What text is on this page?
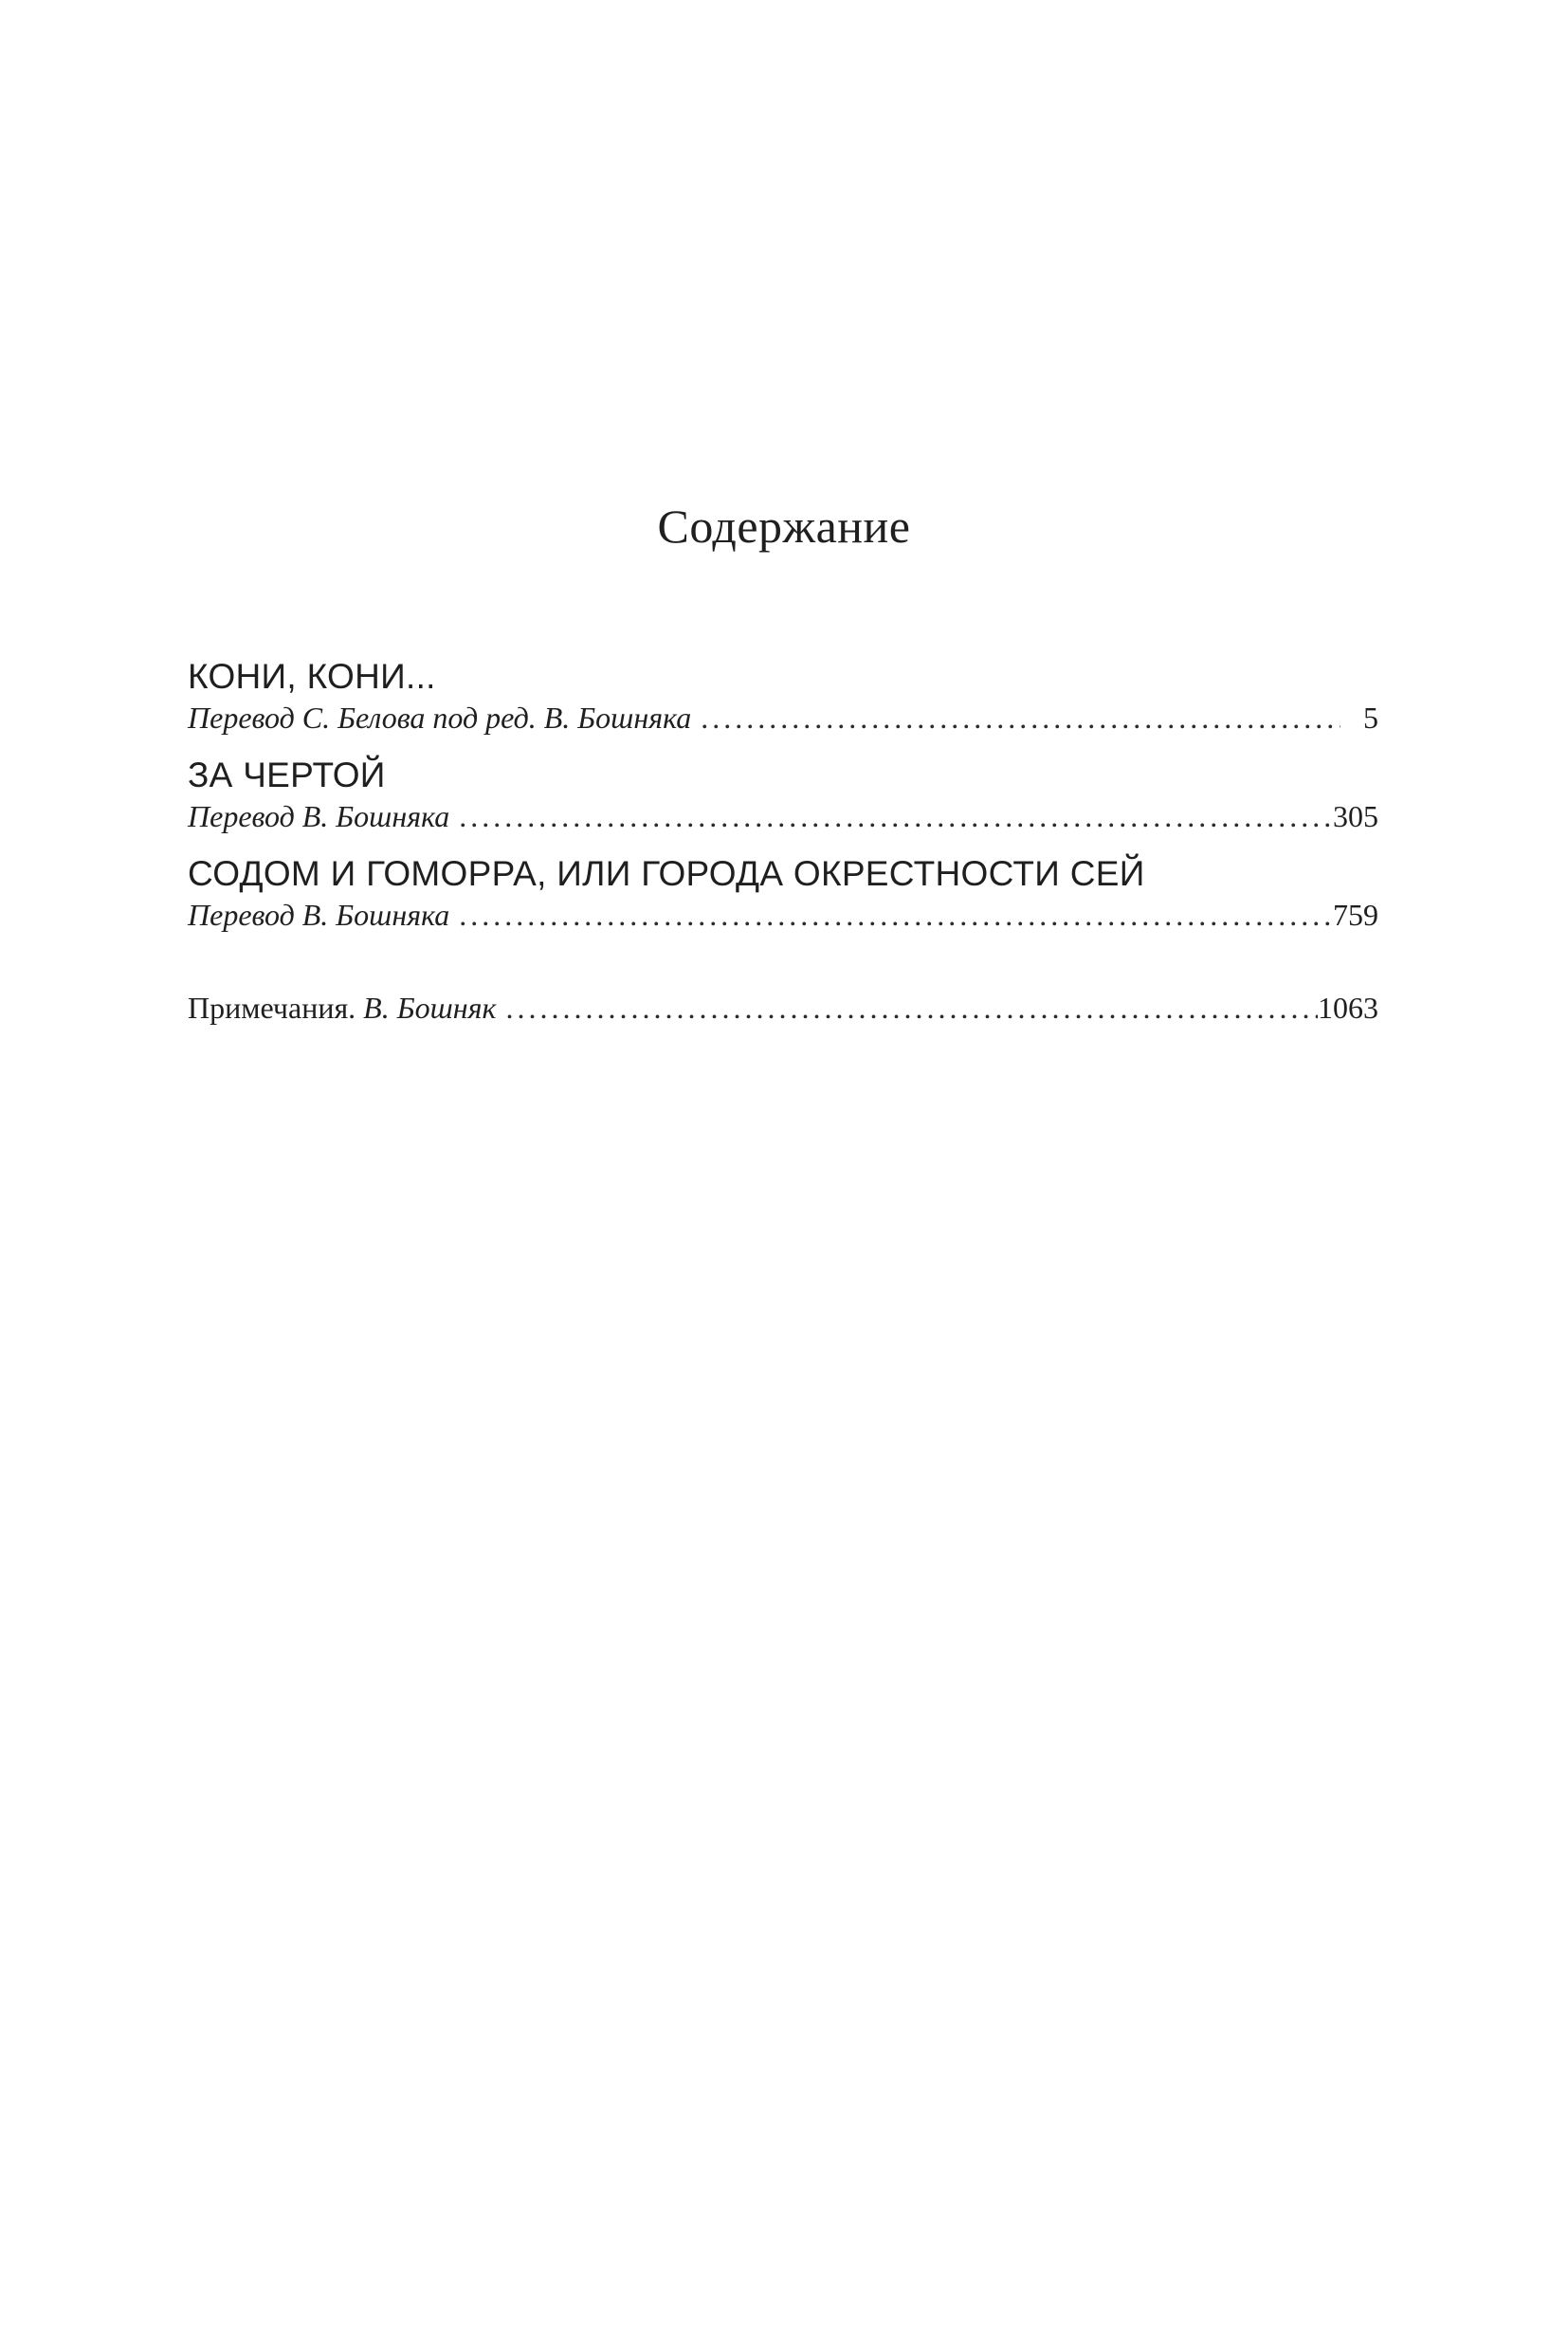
Содержание

КОНИ, КОНИ...

Перевод С. Белова под ред. В. Бошняка . . .	5

ЗА ЧЕРТОЙ

Перевод В. Бошняка . . .	305

СОДОМ И ГОМОРРА, ИЛИ ГОРОДА ОКРЕСТНОСТИ СЕЙ

Перевод В. Бошняка . . .	759
Примечания. В. Бошняк . . .	1063
